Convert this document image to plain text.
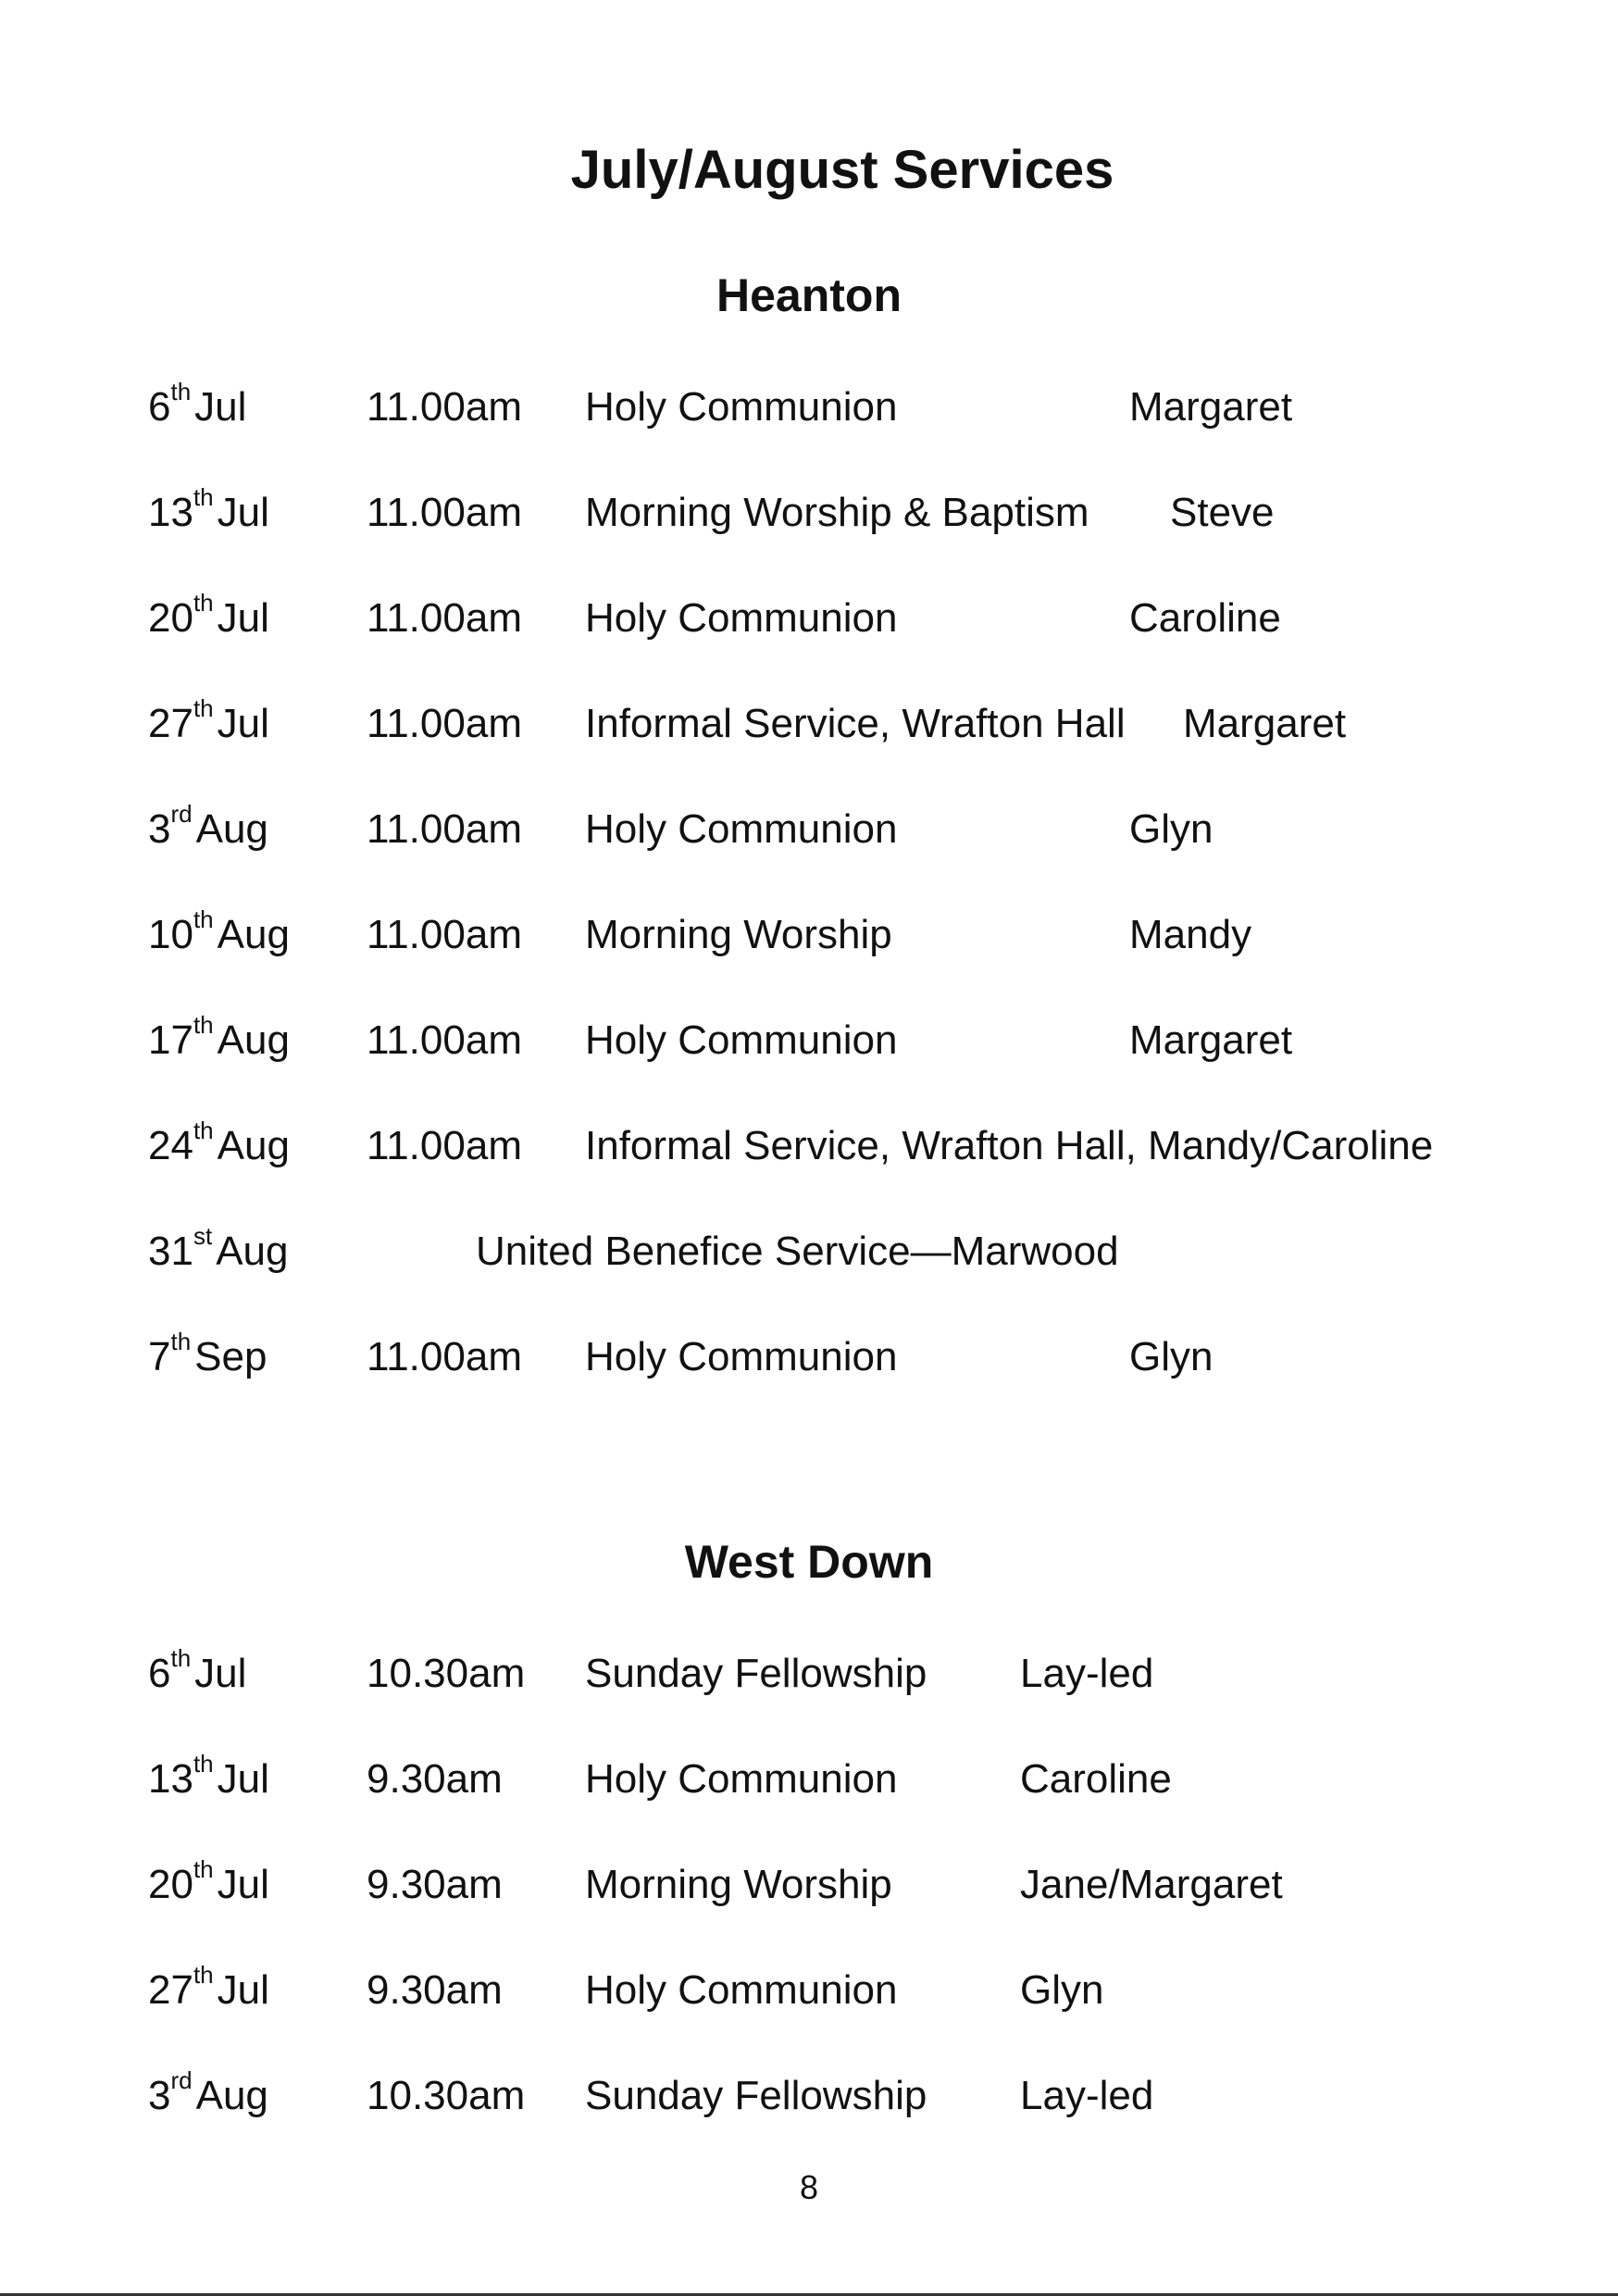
July/August Services
Heanton
6thJul	11.00am Holy Communion	Margaret
13thJul 11.00am Morning Worship & Baptism Steve
20thJul 11.00am Holy Communion	Caroline
27thJul 11.00am Informal Service, Wrafton Hall Margaret
3rdAug 11.00am Holy Communion	Glyn
10thAug 11.00am Morning Worship	Mandy
17thAug 11.00am Holy Communion	Margaret
24thAug 11.00am Informal Service, Wrafton Hall, Mandy/Caroline
31stAug	United Benefice Service—Marwood
7thSep 11.00am Holy Communion	Glyn
West Down
6thJul	10.30am Sunday Fellowship Lay-led
13thJul 9.30am Holy Communion	Caroline
20thJul 9.30am Morning Worship	Jane/Margaret
27thJul 9.30am Holy Communion	Glyn
3rdAug 10.30am Sunday Fellowship Lay-led
8
